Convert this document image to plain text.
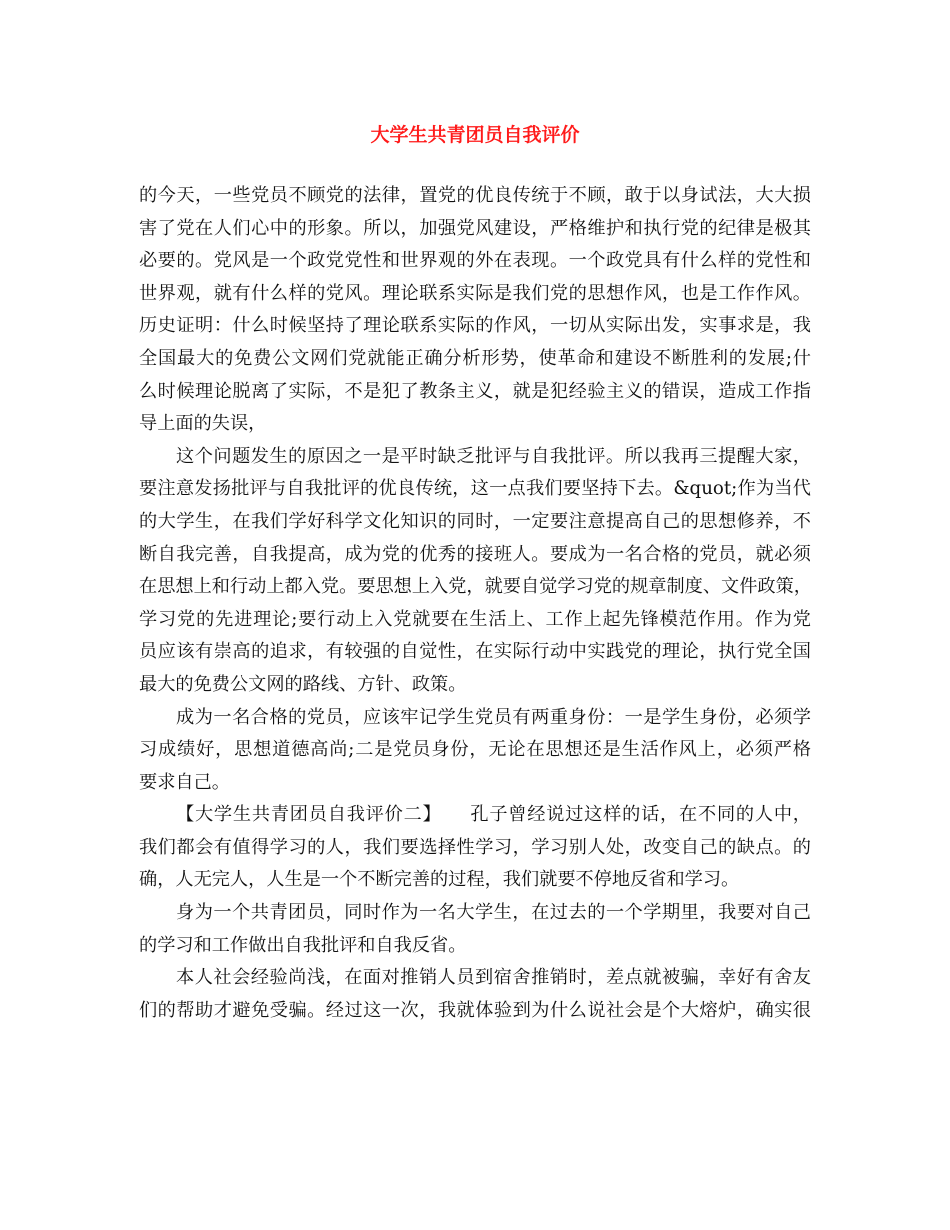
大学生共青团员自我评价
的今天，一些党员不顾党的法律，置党的优良传统于不顾，敢于以身试法，大大损
害了党在人们心中的形象。所以，加强党风建设，严格维护和执行党的纪律是极其
必要的。党风是一个政党党性和世界观的外在表现。一个政党具有什么样的党性和
世界观，就有什么样的党风。理论联系实际是我们党的思想作风，也是工作作风。
历史证明：什么时候坚持了理论联系实际的作风，一切从实际出发，实事求是，我
全国最大的免费公文网们党就能正确分析形势，使革命和建设不断胜利的发展;什
么时候理论脱离了实际，不是犯了教条主义，就是犯经验主义的错误，造成工作指
导上面的失误，
这个问题发生的原因之一是平时缺乏批评与自我批评。所以我再三提醒大家，
要注意发扬批评与自我批评的优良传统，这一点我们要坚持下去。&quot;作为当代
的大学生，在我们学好科学文化知识的同时，一定要注意提高自己的思想修养，不
断自我完善，自我提高，成为党的优秀的接班人。要成为一名合格的党员，就必须
在思想上和行动上都入党。要思想上入党，就要自觉学习党的规章制度、文件政策，
学习党的先进理论;要行动上入党就要在生活上、工作上起先锋模范作用。作为党
员应该有崇高的追求，有较强的自觉性，在实际行动中实践党的理论，执行党全国
最大的免费公文网的路线、方针、政策。
成为一名合格的党员，应该牢记学生党员有两重身份：一是学生身份，必须学
习成绩好，思想道德高尚;二是党员身份，无论在思想还是生活作风上，必须严格
要求自己。
【大学生共青团员自我评价二】　　孔子曾经说过这样的话，在不同的人中，
我们都会有值得学习的人，我们要选择性学习，学习别人处，改变自己的缺点。的
确，人无完人，人生是一个不断完善的过程，我们就要不停地反省和学习。
身为一个共青团员，同时作为一名大学生，在过去的一个学期里，我要对自己
的学习和工作做出自我批评和自我反省。
本人社会经验尚浅，在面对推销人员到宿舍推销时，差点就被骗，幸好有舍友
们的帮助才避免受骗。经过这一次，我就体验到为什么说社会是个大熔炉，确实很
